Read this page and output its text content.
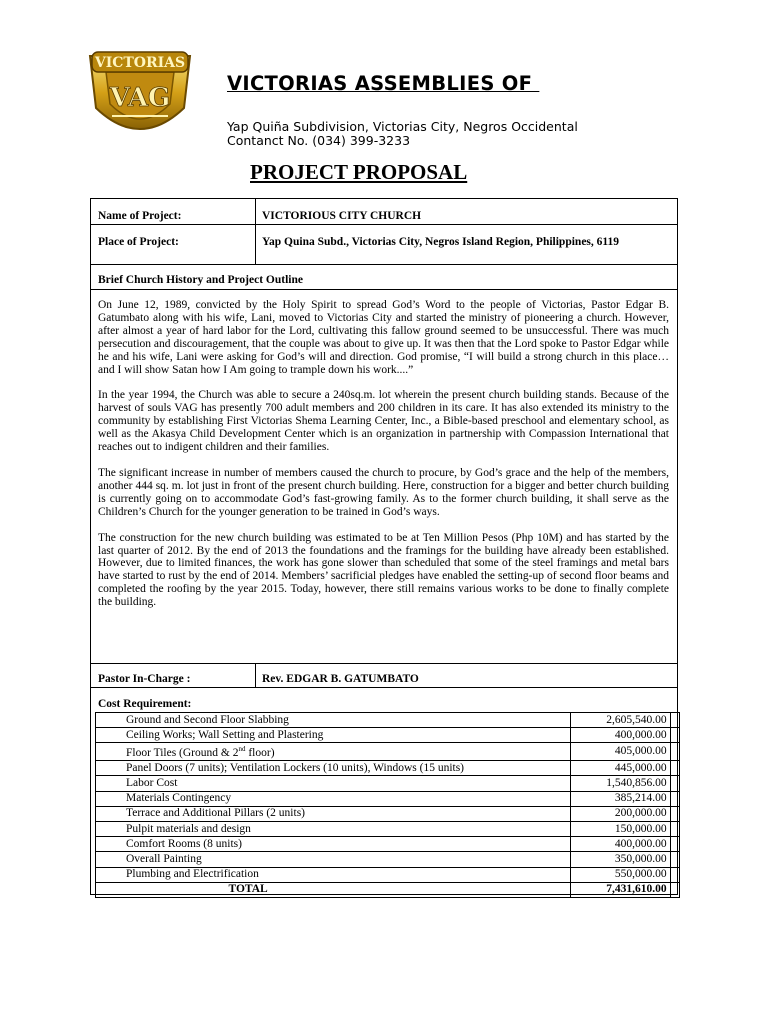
VICTORIAS
VAG	VICTORIAS ASSEMBLIES OF
Yap Quiña Subdivision, Victorias City, Negros Occidental
Contanct No. (034) 399-3233
PROJECT PROPOSAL
Name of Project:	VICTORIOUS CITY CHURCH
Place of Project:	Yap Quina Subd., Victorias City, Negros Island Region, Philippines, 6119
Brief Church History and Project Outline

On June 12, 1989, convicted by the Holy Spirit to spread God’s Word to the people of Victorias, Pastor Edgar B. Gatumbato along with his wife, Lani, moved to Victorias City and started the ministry of pioneering a church. However, after almost a year of hard labor for the Lord, cultivating this fallow ground seemed to be unsuccessful. There was much persecution and discouragement, that the couple was about to give up. It was then that the Lord spoke to Pastor Edgar while he and his wife, Lani were asking for God’s will and direction. God promise, “I will build a strong church in this place…and I will show Satan how I Am going to trample down his work....”

In the year 1994, the Church was able to secure a 240sq.m. lot wherein the present church building stands. Because of the harvest of souls VAG has presently 700 adult members and 200 children in its care. It has also extended its ministry to the community by establishing First Victorias Shema Learning Center, Inc., a Bible-based preschool and elementary school, as well as the Akasya Child Development Center which is an organization in partnership with Compassion International that reaches out to indigent children and their families.

The significant increase in number of members caused the church to procure, by God’s grace and the help of the members, another 444 sq. m. lot just in front of the present church building. Here, construction for a bigger and better church building is currently going on to accommodate God’s fast-growing family. As to the former church building, it shall serve as the Children’s Church for the younger generation to be trained in God’s ways.

The construction for the new church building was estimated to be at Ten Million Pesos (Php 10M) and has started by the last quarter of 2012. By the end of 2013 the foundations and the framings for the building have already been established. However, due to limited finances, the work has gone slower than scheduled that some of the steel framings and metal bars have started to rust by the end of 2014. Members’ sacrificial pledges have enabled the setting-up of second floor beams and completed the roofing by the year 2015. Today, however, there still remains various works to be done to finally complete the building.

Pastor In-Charge :	Rev. EDGAR B. GATUMBATO
Cost Requirement:
Ground and Second Floor Slabbing	2,605,540.00	
Ceiling Works; Wall Setting and Plastering	400,000.00	
Floor Tiles (Ground & 2nd floor)	405,000.00	
Panel Doors (7 units); Ventilation Lockers (10 units), Windows (15 units)	445,000.00	
Labor Cost	1,540,856.00	
Materials Contingency	385,214.00	
Terrace and Additional Pillars (2 units)	200,000.00	
Pulpit materials and design	150,000.00	
Comfort Rooms (8 units)	400,000.00	
Overall Painting	350,000.00	
Plumbing and Electrification	550,000.00	
TOTAL	7,431,610.00	
